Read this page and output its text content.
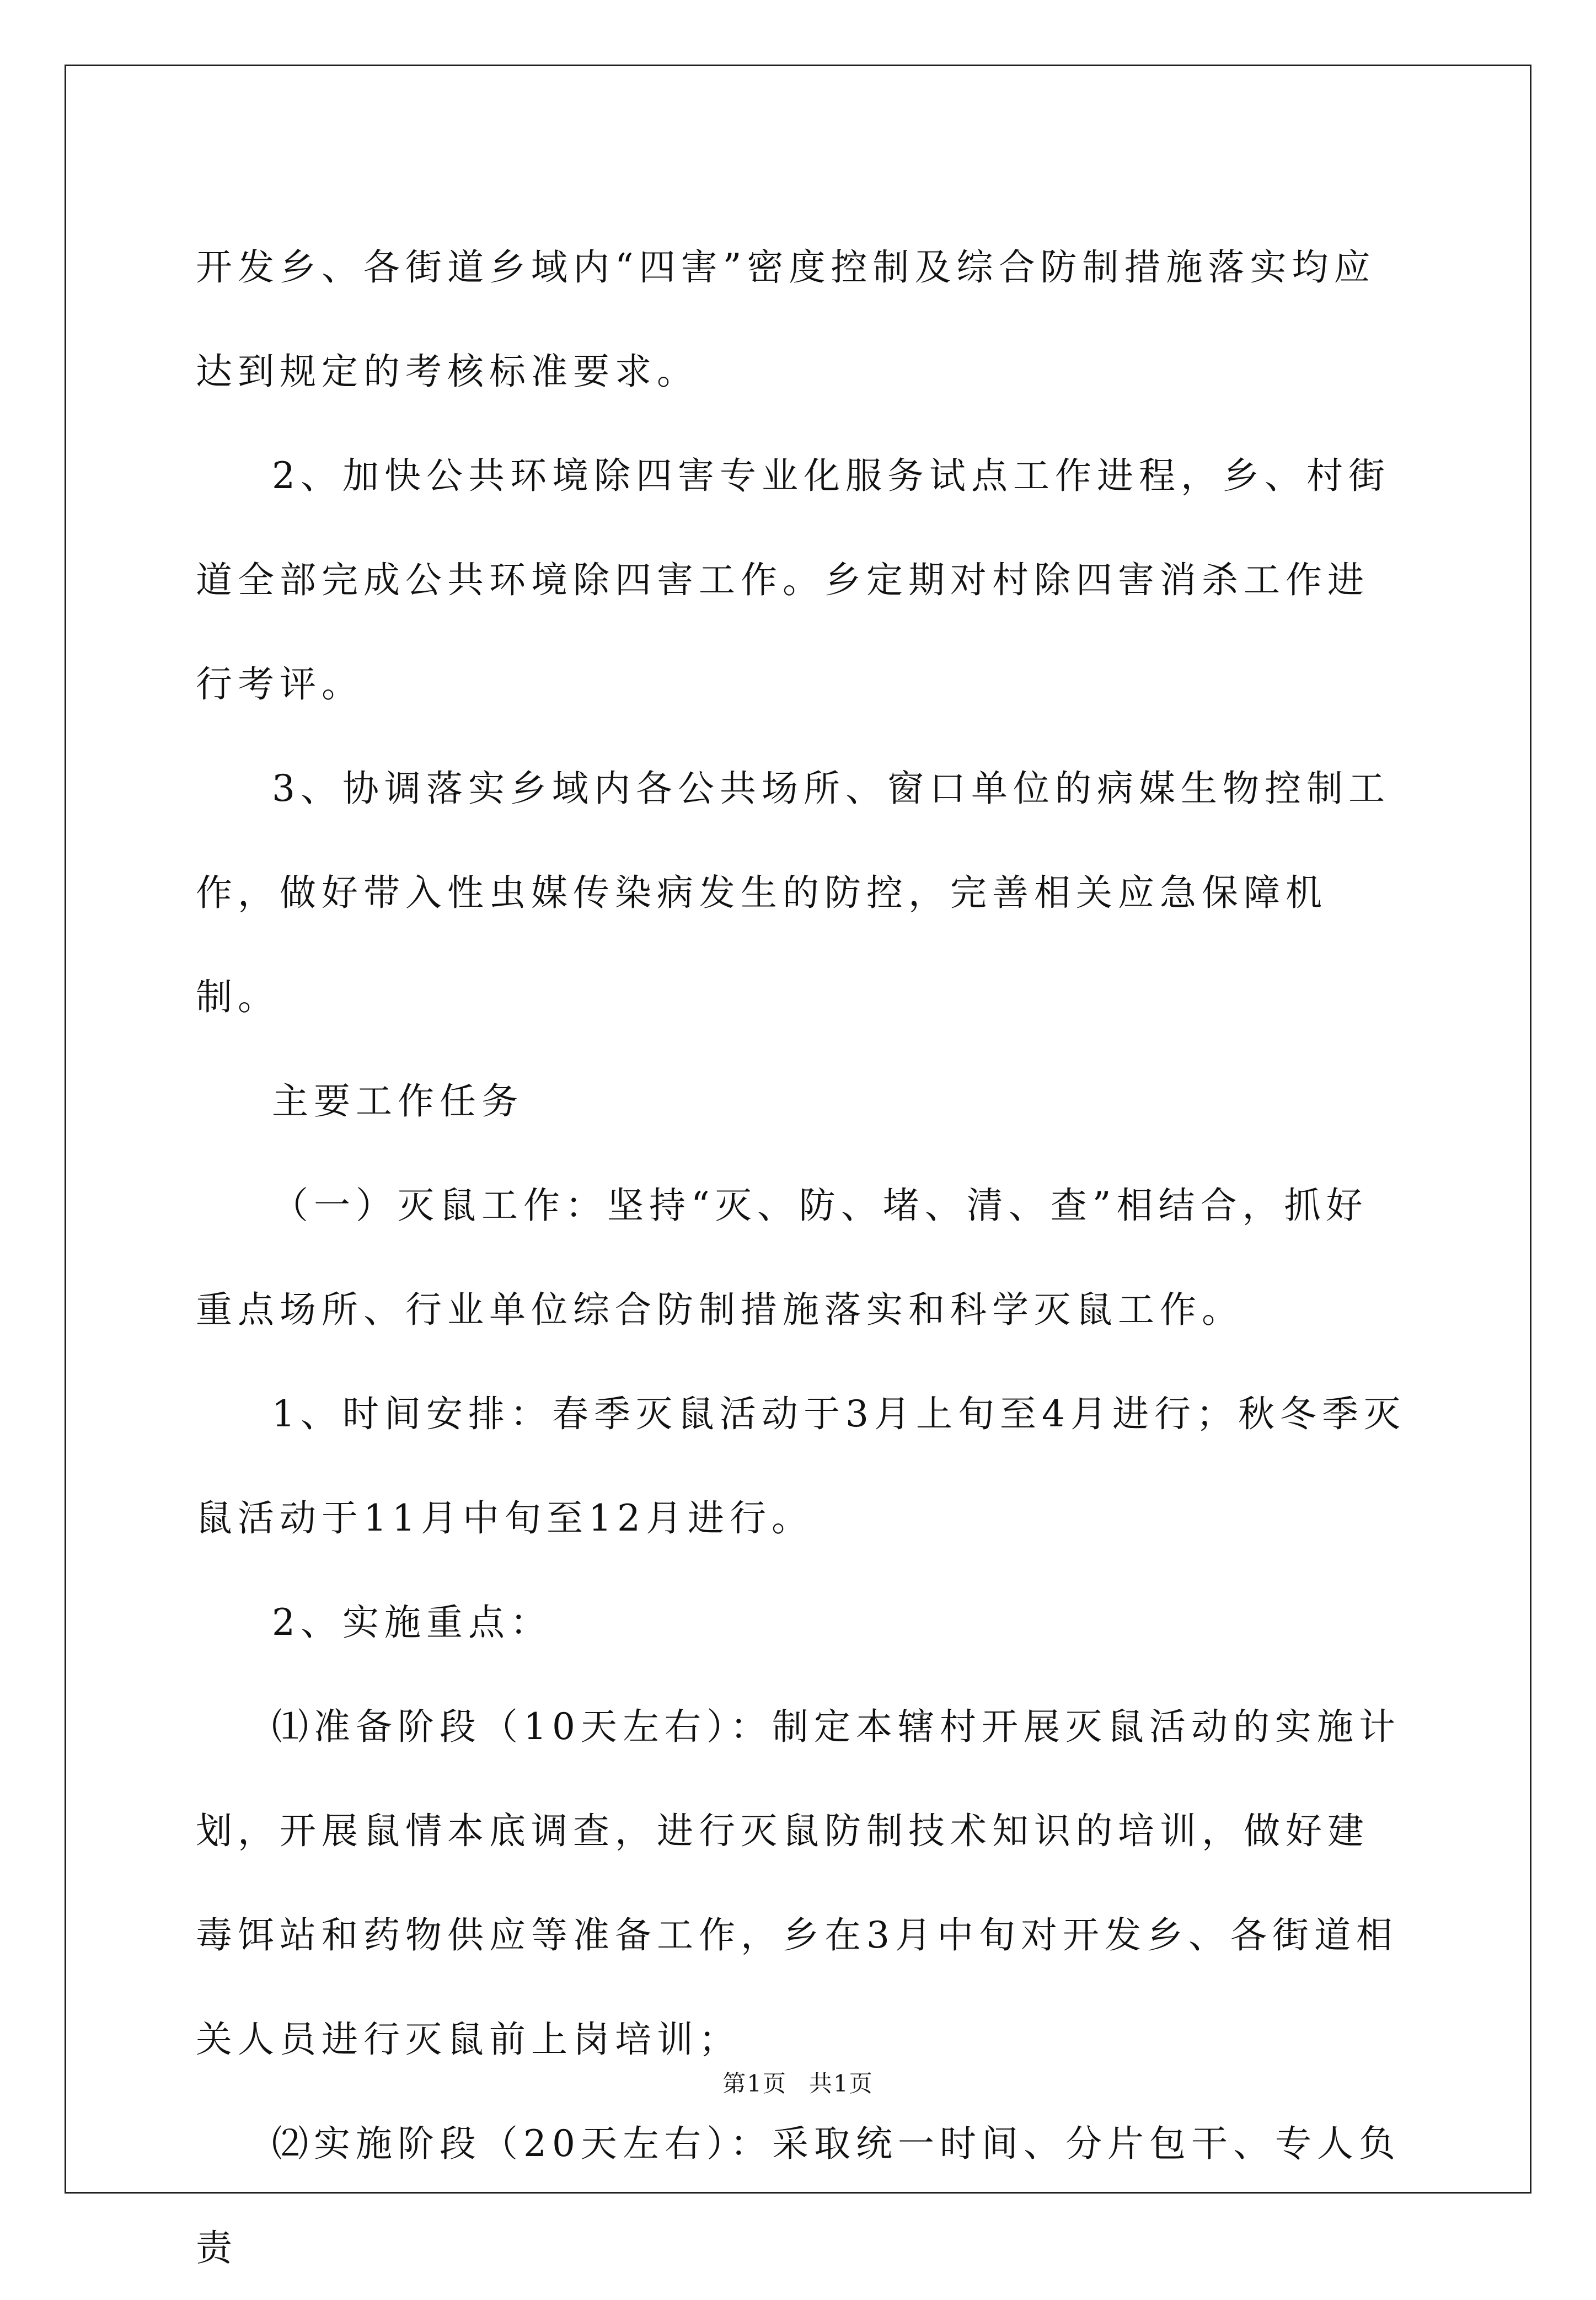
开发乡、各街道乡域内“四害”密度控制及综合防制措施落实均应达到规定的考核标准要求。

2、加快公共环境除四害专业化服务试点工作进程，乡、村街道全部完成公共环境除四害工作。乡定期对村除四害消杀工作进行考评。

3、协调落实乡域内各公共场所、窗口单位的病媒生物控制工作，做好带入性虫媒传染病发生的防控，完善相关应急保障机制。

主要工作任务

（一）灭鼠工作：坚持“灭、防、堵、清、查”相结合，抓好重点场所、行业单位综合防制措施落实和科学灭鼠工作。

1、时间安排：春季灭鼠活动于3月上旬至4月进行；秋冬季灭鼠活动于11月中旬至12月进行。

2、实施重点：

⑴准备阶段（10天左右）：制定本辖村开展灭鼠活动的实施计划，开展鼠情本底调查，进行灭鼠防制技术知识的培训，做好建毒饵站和药物供应等准备工作，乡在3月中旬对开发乡、各街道相关人员进行灭鼠前上岗培训；

⑵实施阶段（20天左右）：采取统一时间、分片包干、专人负责

第1页 共1页
